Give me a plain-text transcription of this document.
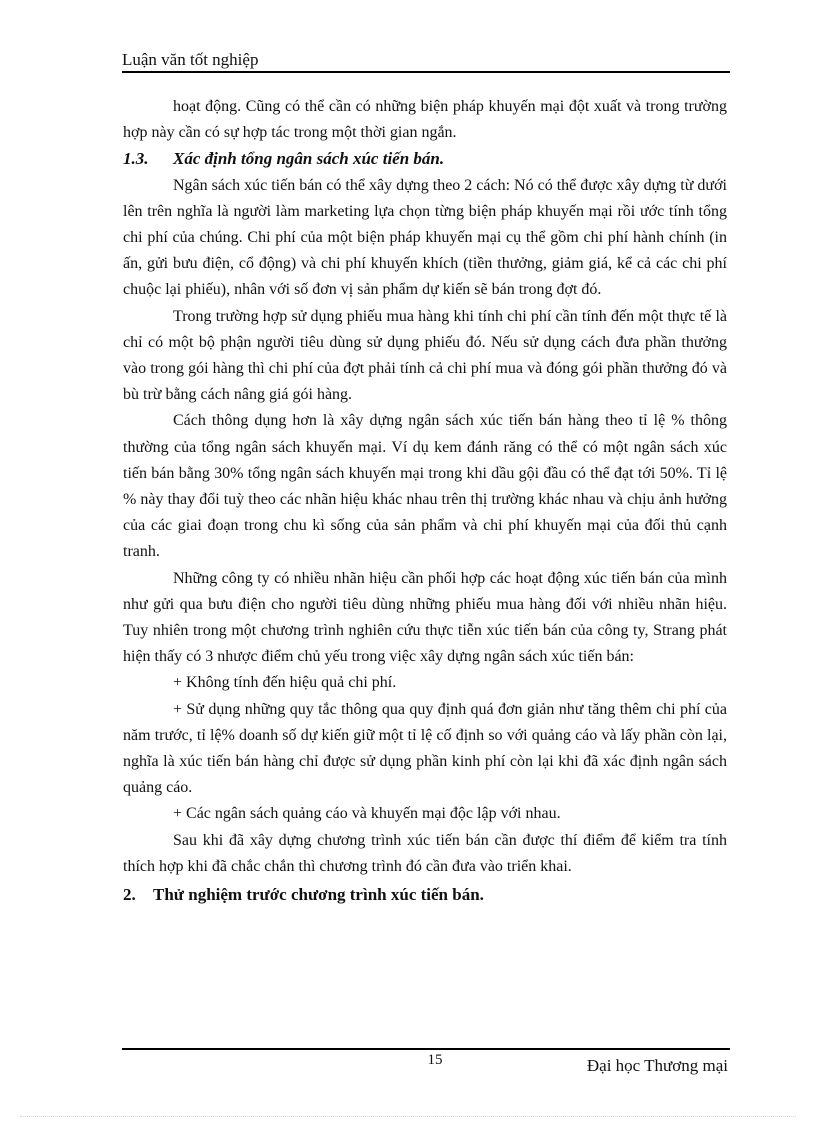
Luận văn tốt nghiệp

hoạt động. Cũng có thể cần có những biện pháp khuyến mại đột xuất và trong trường hợp này cần có sự hợp tác trong một thời gian ngắn.

1.3. Xác định tổng ngân sách xúc tiến bán.

Ngân sách xúc tiến bán có thể xây dựng theo 2 cách: Nó có thể được xây dựng từ dưới lên trên nghĩa là người làm marketing lựa chọn từng biện pháp khuyến mại rồi ước tính tổng chi phí của chúng. Chi phí của một biện pháp khuyến mại cụ thể gồm chi phí hành chính (in ấn, gửi bưu điện, cổ động) và chi phí khuyến khích (tiền thưởng, giảm giá, kể cả các chi phí chuộc lại phiếu), nhân với số đơn vị sản phẩm dự kiến sẽ bán trong đợt đó.

Trong trường hợp sử dụng phiếu mua hàng khi tính chi phí cần tính đến một thực tế là chỉ có một bộ phận người tiêu dùng sử dụng phiếu đó. Nếu sử dụng cách đưa phần thưởng vào trong gói hàng thì chi phí của đợt phải tính cả chi phí mua và đóng gói phần thưởng đó và bù trừ bằng cách nâng giá gói hàng.

Cách thông dụng hơn là xây dựng ngân sách xúc tiến bán hàng theo tỉ lệ % thông thường của tổng ngân sách khuyến mại. Ví dụ kem đánh răng có thể có một ngân sách xúc tiến bán bằng 30% tổng ngân sách khuyến mại trong khi dầu gội đầu có thể đạt tới 50%. Tỉ lệ % này thay đổi tuỳ theo các nhãn hiệu khác nhau trên thị trường khác nhau và chịu ảnh hưởng của các giai đoạn trong chu kì sống của sản phẩm và chi phí khuyến mại của đối thủ cạnh tranh.

Những công ty có nhiều nhãn hiệu cần phối hợp các hoạt động xúc tiến bán của mình như gửi qua bưu điện cho người tiêu dùng những phiếu mua hàng đối với nhiều nhãn hiệu. Tuy nhiên trong một chương trình nghiên cứu thực tiễn xúc tiến bán của công ty, Strang phát hiện thấy có 3 nhược điểm chủ yếu trong việc xây dựng ngân sách xúc tiến bán:

+ Không tính đến hiệu quả chi phí.
+ Sử dụng những quy tắc thông qua quy định quá đơn giản như tăng thêm chi phí của năm trước, tỉ lệ% doanh số dự kiến giữ một tỉ lệ cố định so với quảng cáo và lấy phần còn lại, nghĩa là xúc tiến bán hàng chỉ được sử dụng phần kinh phí còn lại khi đã xác định ngân sách quảng cáo.
+ Các ngân sách quảng cáo và khuyến mại độc lập với nhau.

Sau khi đã xây dựng chương trình xúc tiến bán cần được thí điểm để kiểm tra tính thích hợp khi đã chắc chắn thì chương trình đó cần đưa vào triển khai.

2. Thử nghiệm trước chương trình xúc tiến bán.
15	Đại học Thương mại
